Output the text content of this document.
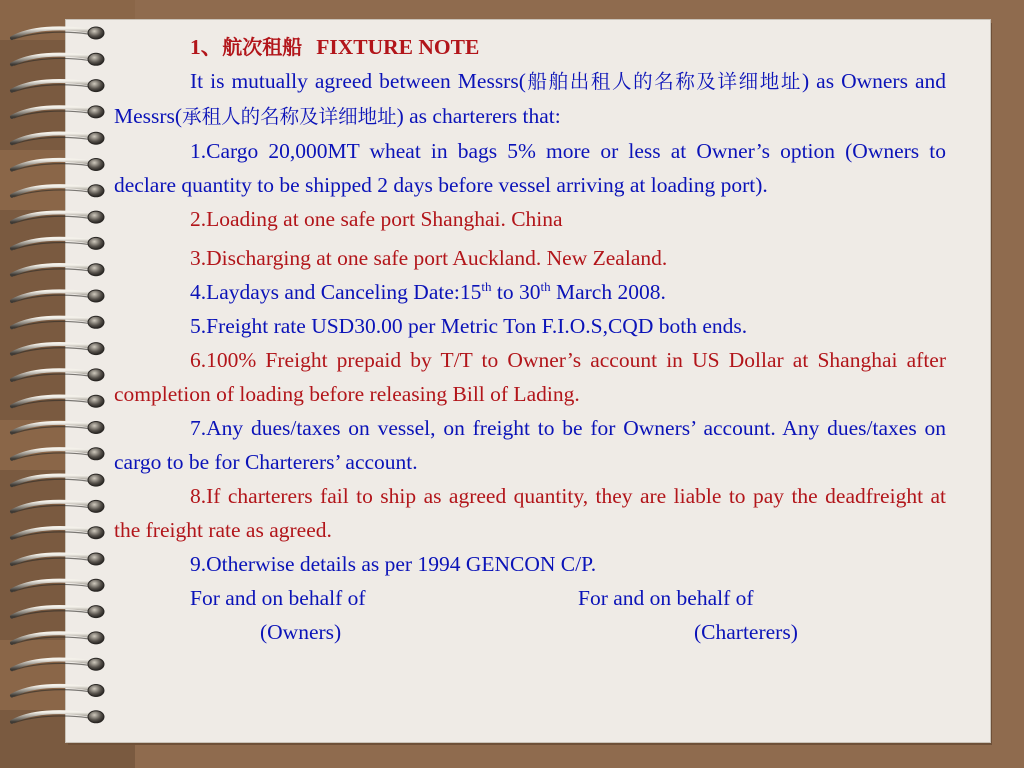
1、航次租船 FIXTURE NOTE

It is mutually agreed between Messrs(船舶出租人的名称及详细地址) as Owners and Messrs(承租人的名称及详细地址) as charterers that:

1.Cargo 20,000MT wheat in bags 5% more or less at Owner’s option (Owners to declare quantity to be shipped 2 days before vessel arriving at loading port).

2.Loading at one safe port Shanghai. China

3.Discharging at one safe port Auckland. New Zealand.

4.Laydays and Canceling Date:15th to 30th March 2008.

5.Freight rate USD30.00 per Metric Ton F.I.O.S,CQD both ends.

6.100% Freight prepaid by T/T to Owner’s account in US Dollar at Shanghai after completion of loading before releasing Bill of Lading.

7.Any dues/taxes on vessel, on freight to be for Owners’ account. Any dues/taxes on cargo to be for Charterers’ account.

8.If charterers fail to ship as agreed quantity, they are liable to pay the deadfreight at the freight rate as agreed.

9.Otherwise details as per 1994 GENCON C/P.

For and on behalf of	For and on behalf of
(Owners)	(Charterers)
